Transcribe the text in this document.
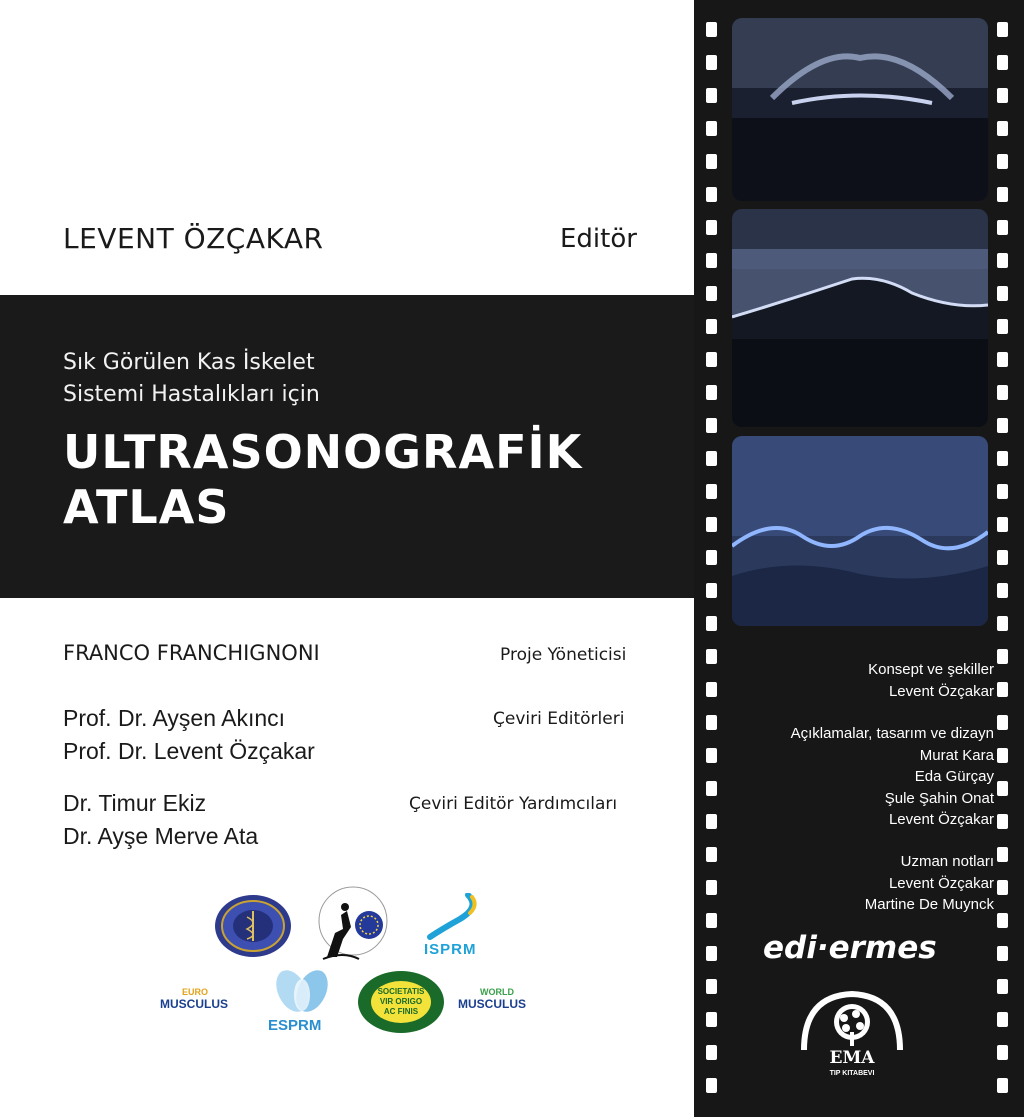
LEVENT ÖZÇAKAR	Editör
Sık Görülen Kas İskelet
Sistemi Hastalıkları için
ULTRASONOGRAFİK
ATLAS
FRANCO FRANCHIGNONI	Proje Yöneticisi
Prof. Dr. Ayşen Akıncı
Prof. Dr. Levent Özçakar
Çeviri Editörleri
Dr. Timur Ekiz
Dr. Ayşe Merve Ata
Çeviri Editör Yardımcıları
ISPRM
EURO
MUSCULUS
ESPRM
SOCIETATIS
VIR ORIGO
AC FINIS
WORLD
MUSCULUS
Konsept ve şekiller
Levent Özçakar
Açıklamalar, tasarım ve dizayn
Murat Kara
Eda Gürçay
Şule Şahin Onat
Levent Özçakar
Uzman notları
Levent Özçakar
Martine De Muynck
edi·ermes
EMA
TIP KITABEVI
